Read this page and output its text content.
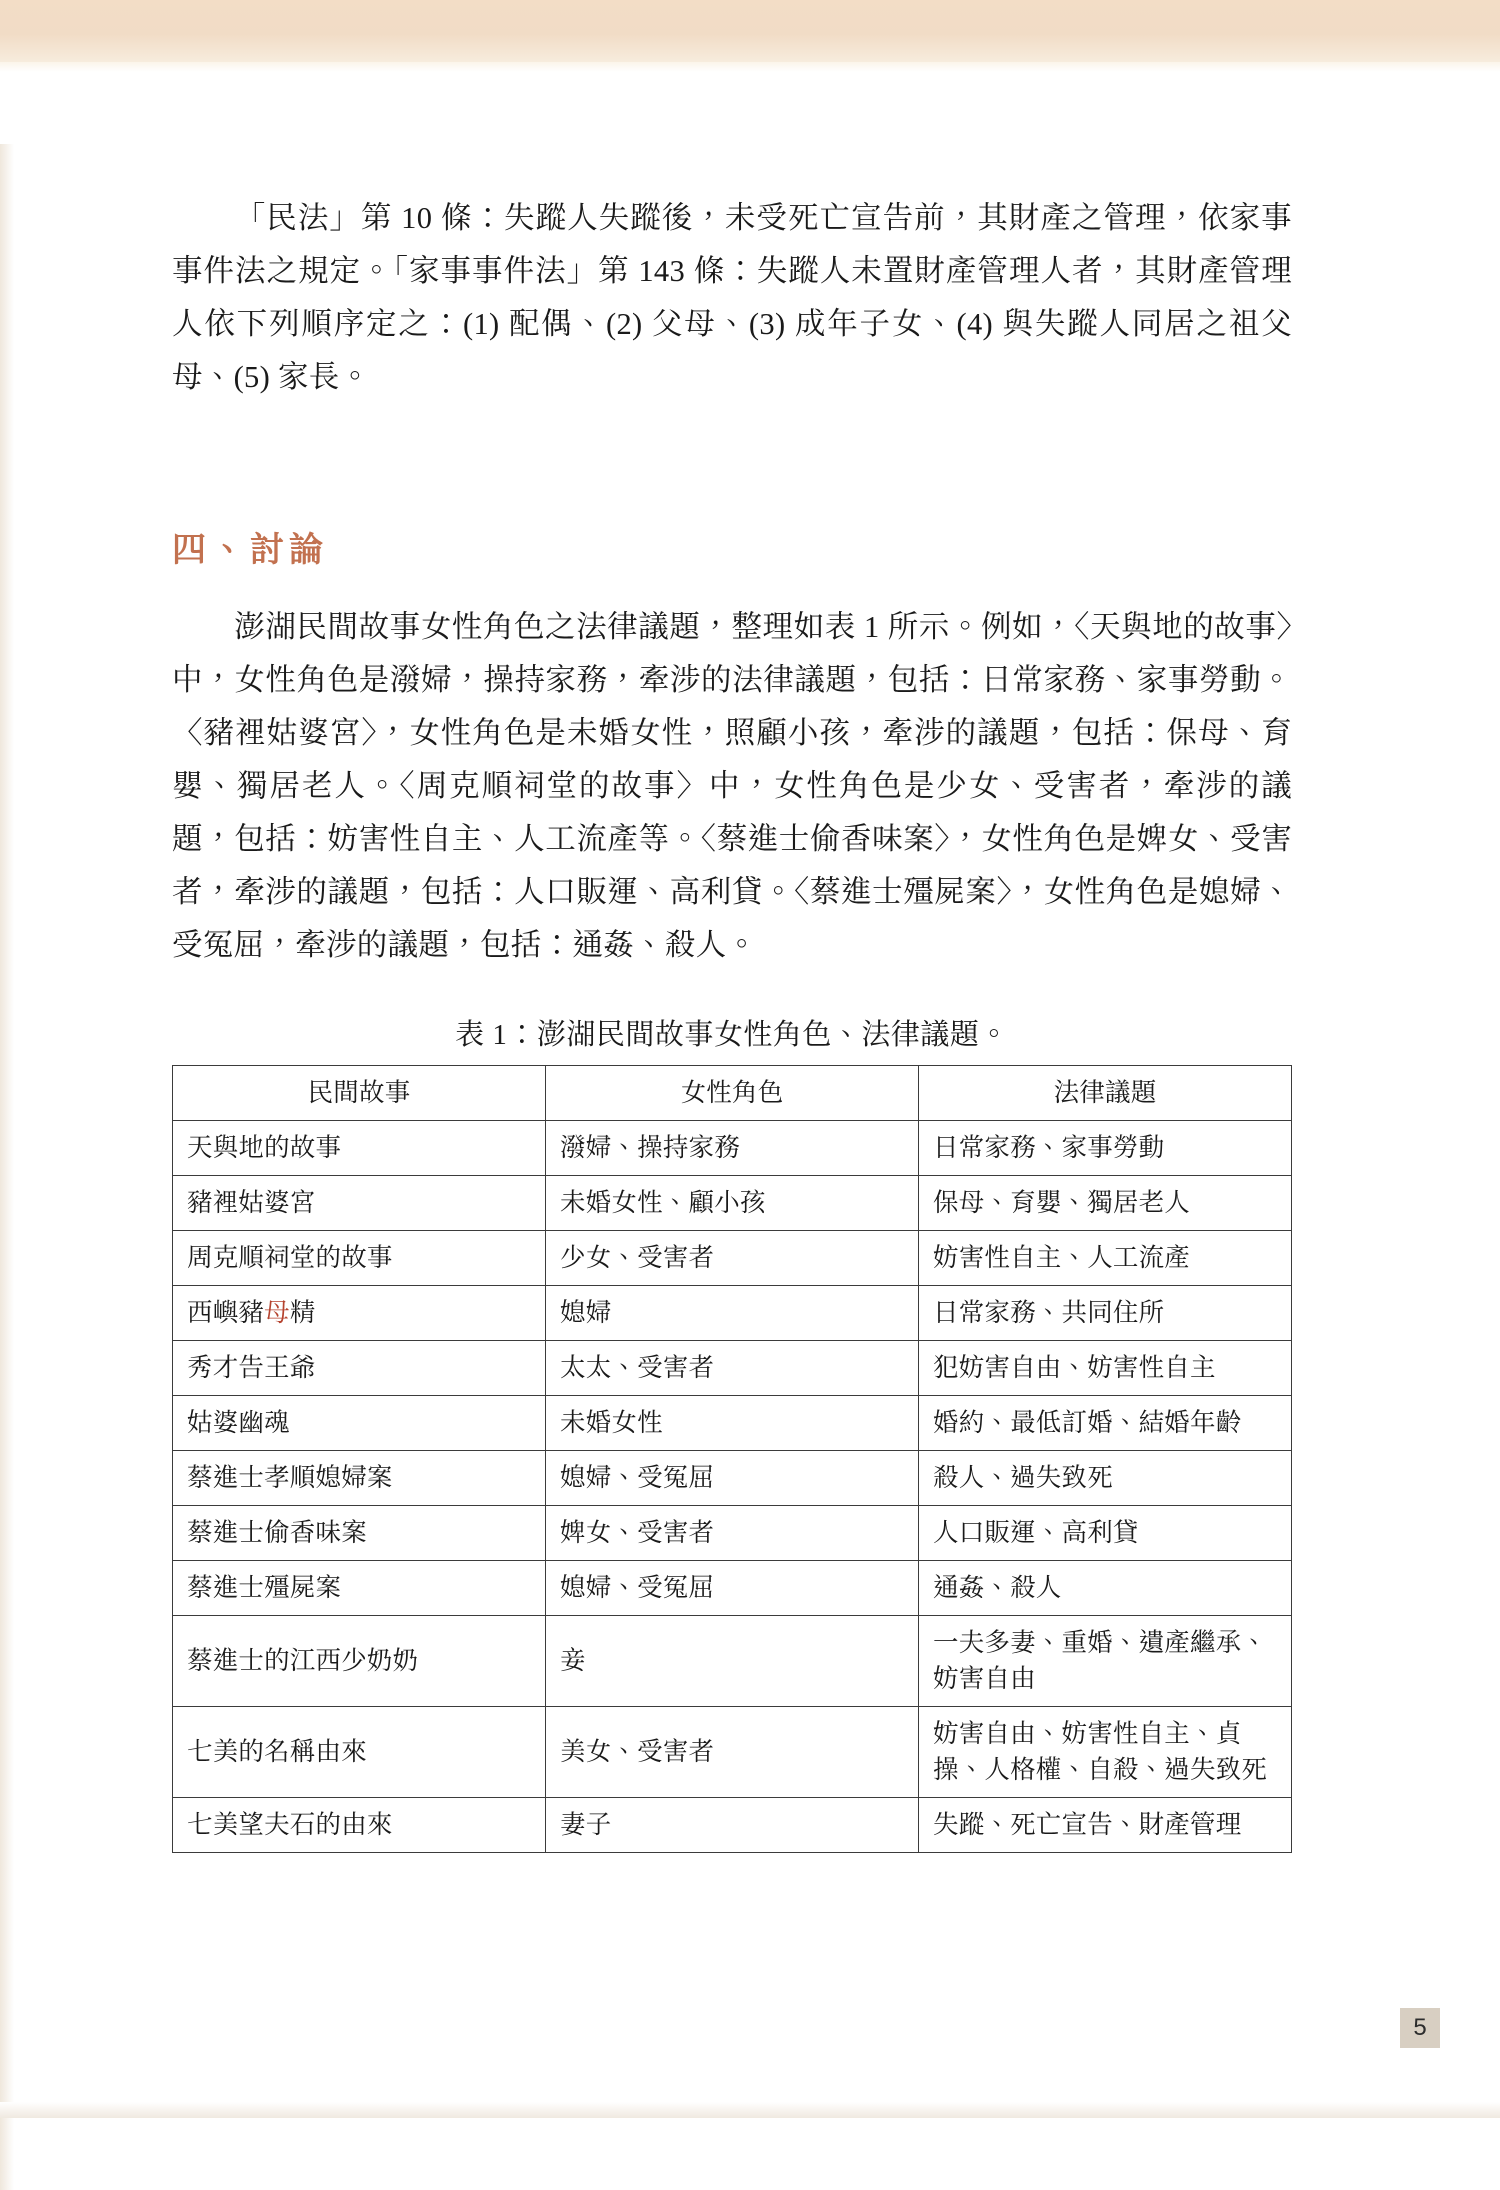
「民法」第 10 條：失蹤人失蹤後，未受死亡宣告前，其財產之管理，依家事事件法之規定。「家事事件法」第 143 條：失蹤人未置財產管理人者，其財產管理人依下列順序定之：(1) 配偶、(2) 父母、(3) 成年子女、(4) 與失蹤人同居之祖父母、(5) 家長。

四、討論

澎湖民間故事女性角色之法律議題，整理如表 1 所示。例如，〈天與地的故事〉中，女性角色是潑婦，操持家務，牽涉的法律議題，包括：日常家務、家事勞動。〈豬裡姑婆宮〉，女性角色是未婚女性，照顧小孩，牽涉的議題，包括：保母、育嬰、獨居老人。〈周克順祠堂的故事〉中，女性角色是少女、受害者，牽涉的議題，包括：妨害性自主、人工流產等。〈蔡進士偷香味案〉，女性角色是婢女、受害者，牽涉的議題，包括：人口販運、高利貸。〈蔡進士殭屍案〉，女性角色是媳婦、受冤屈，牽涉的議題，包括：通姦、殺人。

表 1：澎湖民間故事女性角色、法律議題。
民間故事	女性角色	法律議題
天與地的故事	潑婦、操持家務	日常家務、家事勞動
豬裡姑婆宮	未婚女性、顧小孩	保母、育嬰、獨居老人
周克順祠堂的故事	少女、受害者	妨害性自主、人工流產
西嶼豬母精	媳婦	日常家務、共同住所
秀才告王爺	太太、受害者	犯妨害自由、妨害性自主
姑婆幽魂	未婚女性	婚約、最低訂婚、結婚年齡
蔡進士孝順媳婦案	媳婦、受冤屈	殺人、過失致死
蔡進士偷香味案	婢女、受害者	人口販運、高利貸
蔡進士殭屍案	媳婦、受冤屈	通姦、殺人
蔡進士的江西少奶奶	妾	一夫多妻、重婚、遺產繼承、妨害自由
七美的名稱由來	美女、受害者	妨害自由、妨害性自主、貞操、人格權、自殺、過失致死
七美望夫石的由來	妻子	失蹤、死亡宣告、財產管理
5
